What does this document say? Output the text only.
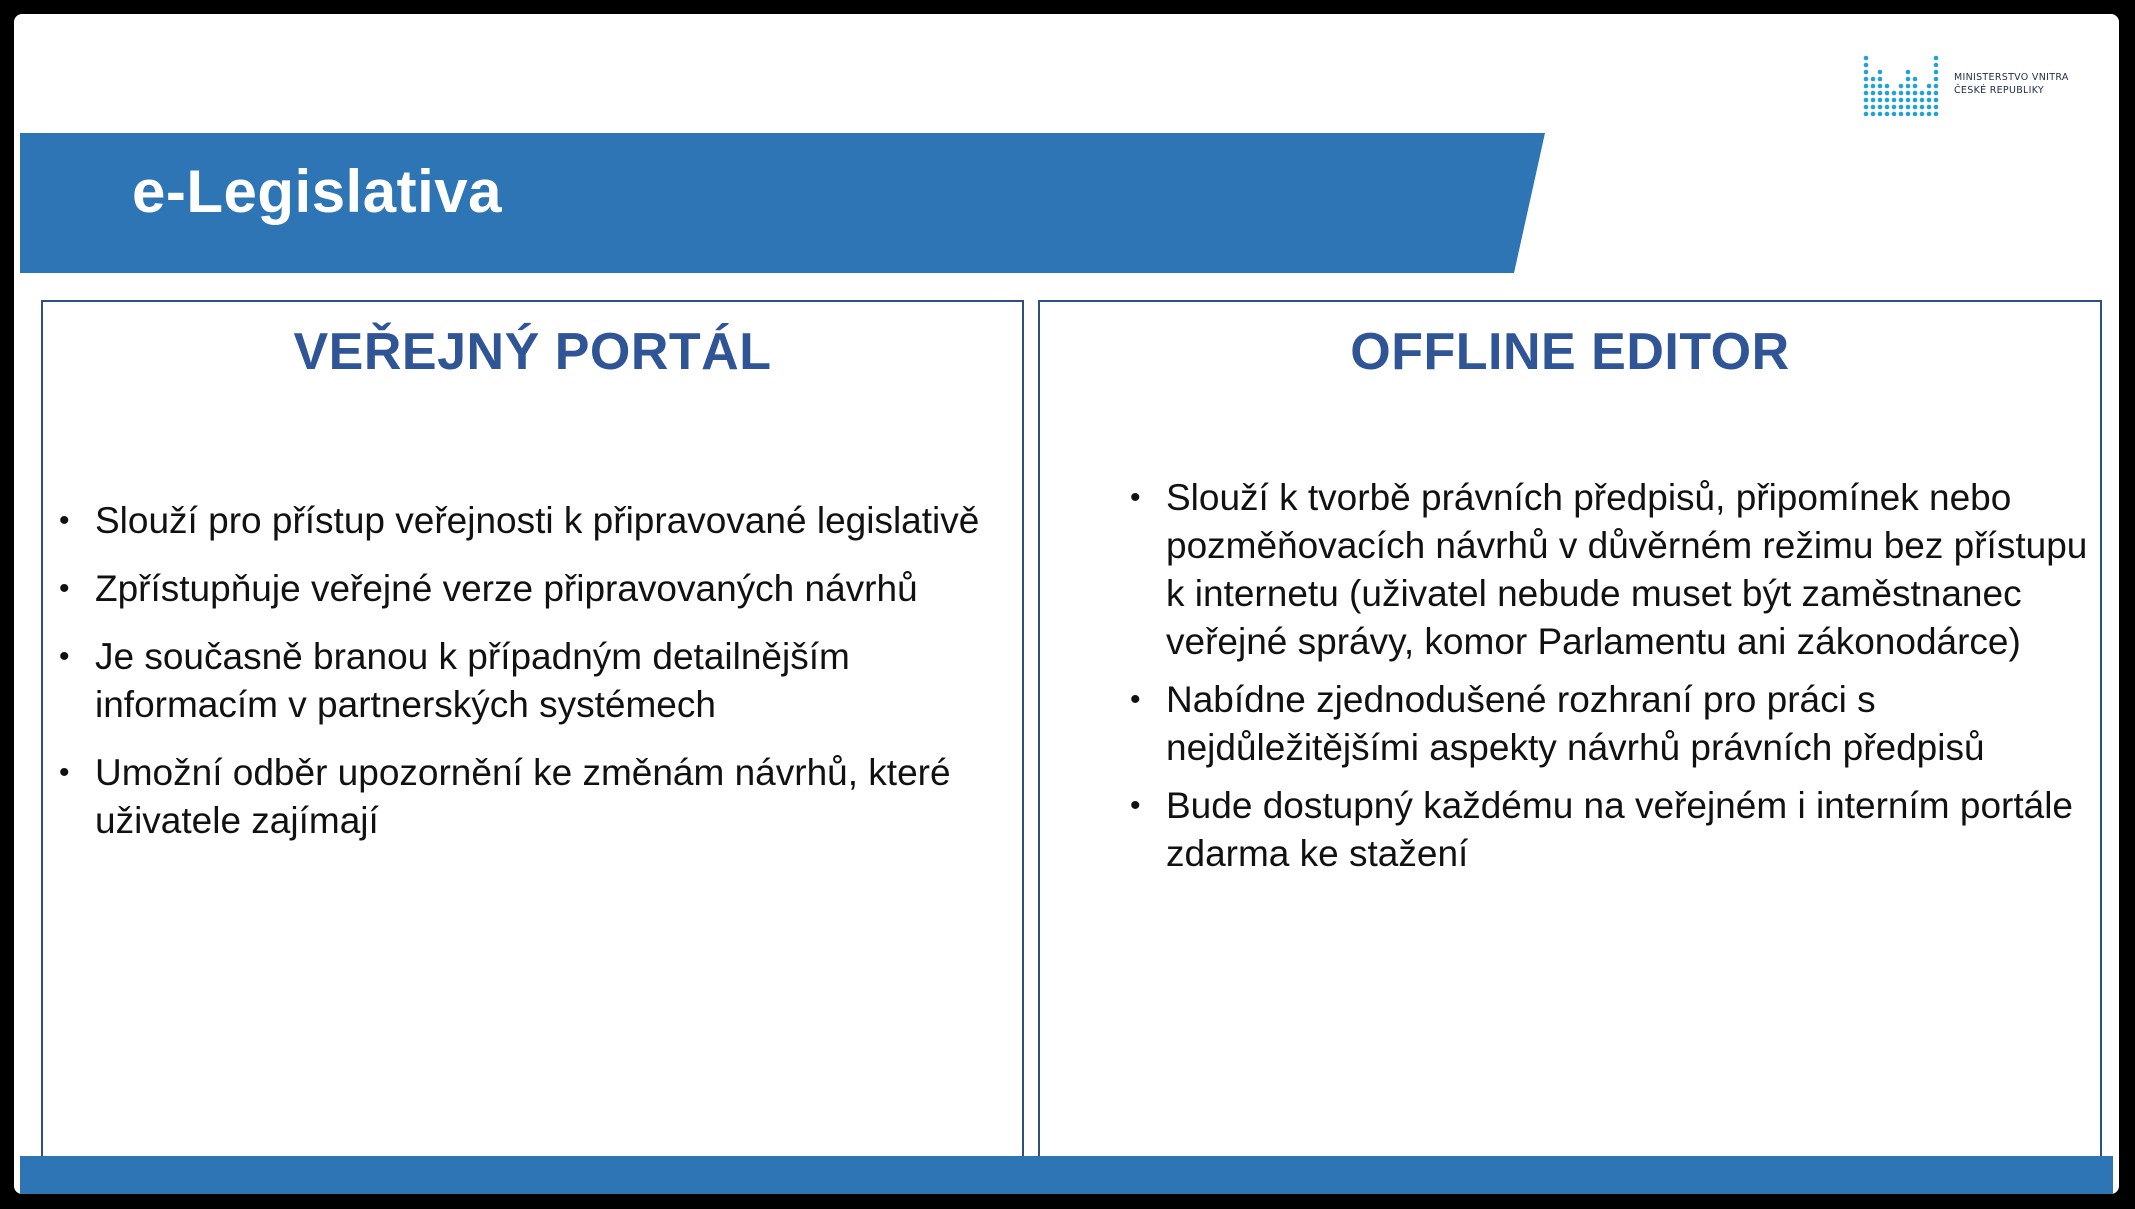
MINISTERSTVO VNITRA
ČESKÉ REPUBLIKY
e-Legislativa
VEŘEJNÝ PORTÁL
• Slouží pro přístup veřejnosti k připravované legislativě
• Zpřístupňuje veřejné verze připravovaných návrhů
• Je současně branou k případným detailnějším informacím v partnerských systémech
• Umožní odběr upozornění ke změnám návrhů, které uživatele zajímají
OFFLINE EDITOR
• Slouží k tvorbě právních předpisů, připomínek nebo pozměňovacích návrhů v důvěrném režimu bez přístupu k internetu (uživatel nebude muset být zaměstnanec veřejné správy, komor Parlamentu ani zákonodárce)
• Nabídne zjednodušené rozhraní pro práci s nejdůležitějšími aspekty návrhů právních předpisů
• Bude dostupný každému na veřejném i interním portále zdarma ke stažení
